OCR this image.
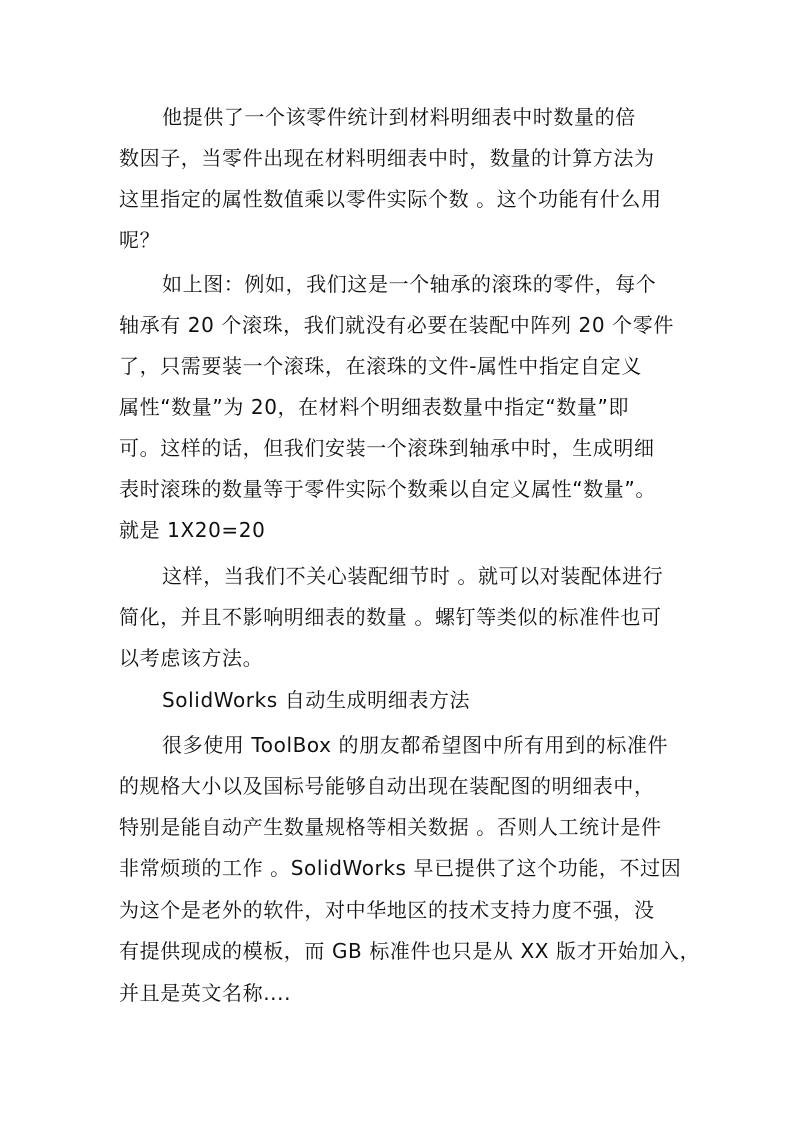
他提供了一个该零件统计到材料明细表中时数量的倍
数因子，当零件出现在材料明细表中时，数量的计算方法为
这里指定的属性数值乘以零件实际个数 。这个功能有什么用
呢？
如上图：例如，我们这是一个轴承的滚珠的零件，每个
轴承有 20 个滚珠，我们就没有必要在装配中阵列 20 个零件
了，只需要装一个滚珠，在滚珠的文件-属性中指定自定义
属性“数量”为 20，在材料个明细表数量中指定“数量”即
可。这样的话，但我们安装一个滚珠到轴承中时，生成明细
表时滚珠的数量等于零件实际个数乘以自定义属性“数量”。
就是 1X20=20
这样，当我们不关心装配细节时 。就可以对装配体进行
简化，并且不影响明细表的数量 。螺钉等类似的标准件也可
以考虑该方法。
SolidWorks 自动生成明细表方法
很多使用 ToolBox 的朋友都希望图中所有用到的标准件
的规格大小以及国标号能够自动出现在装配图的明细表中，
特别是能自动产生数量规格等相关数据 。否则人工统计是件
非常烦琐的工作 。SolidWorks 早已提供了这个功能，不过因
为这个是老外的软件，对中华地区的技术支持力度不强，没
有提供现成的模板，而 GB 标准件也只是从 XX 版才开始加入，
并且是英文名称....
